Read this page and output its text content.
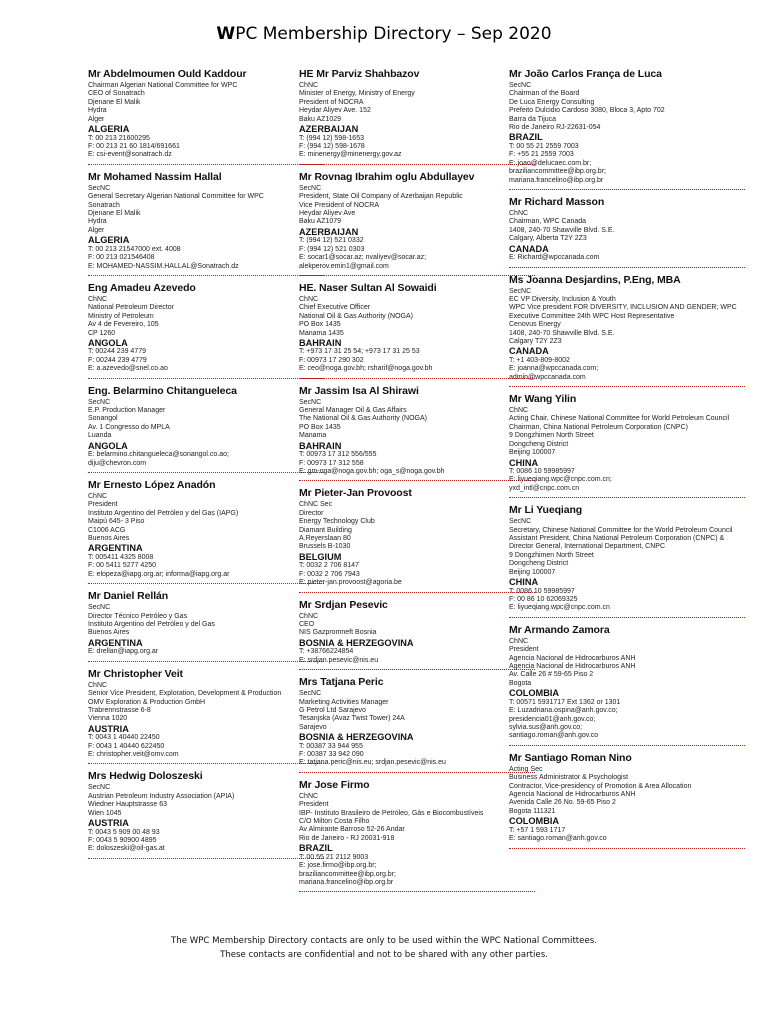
WPC Membership Directory – Sep 2020
Mr Abdelmoumen Ould Kaddour
Chairman Algerian National Committee for WPC
CEO of Sonatrach
Djenane El Malik
Hydra
Alger
ALGERIA
T: 00 213 21600295
F: 00 213 21 60 1814/691661
E: csi-event@sonatrach.dz
Mr Mohamed Nassim Hallal
SecNC
General Secretary Algerian National Committee for WPC
Sonatrach
Djenane El Malik
Hydra
Alger
ALGERIA
T: 00 213 21547000 ext. 4008
F: 00 213 021546408
E: MOHAMED-NASSIM.HALLAL@Sonatrach.dz
Eng Amadeu Azevedo
ChNC
National Petroleum Director
Ministry of Petroleum
Av 4 de Fevereiro, 105
CP 1260
ANGOLA
T: 00244 239 4779
F: 00244 239 4779
E: a.azevedo@snel.co.ao
Eng. Belarmino Chitangueleca
SecNC
E.P. Production Manager
Sonangol
Av. 1 Congresso do MPLA
Luanda
ANGOLA
E: belarmino.chitangueleca@sonangol.co.ao;
diju@chevron.com
Mr Ernesto López Anadón
ChNC
President
Instituto Argentino del Petróleo y del Gas (IAPG)
Maipú 645- 3 Piso
C1006 ACG
Buenos Aires
ARGENTINA
T: 005411 4325 8008
F: 00 5411 5277 4250
E: elopeza@iapg.org.ar; informa@iapg.org.ar
Mr Daniel Rellán
SecNC
Director Técnico Petróleo y Gas
Instituto Argentino del Petróleo y del Gas
Buenos Aires
ARGENTINA
E: drellan@iapg.org.ar
Mr Christopher Veit
ChNC
Senior Vice President, Exploration, Development & Production
OMV Exploration & Production GmbH
Trabrennstrasse 6-8
Vienna 1020
AUSTRIA
T: 0043 1 40440 22450
F: 0043 1 40440 622450
E: christopher.veit@omv.com
Mrs Hedwig Doloszeski
SecNC
Austrian Petroleum Industry Association (APIA)
Wiedner Hauptstrasse 63
Wien 1045
AUSTRIA
T: 0043 5 909 00 48 93
F: 0043 5 90900 4895
E: doloszeski@oil-gas.at
HE Mr Parviz Shahbazov
ChNC
Minister of Energy, Ministry of Energy
President of NOCRA
Heydar Aliyev Ave. 152
Baku AZ1029
AZERBAIJAN
T: (994 12) 598-1653
F: (994 12) 598-1678
E: minenergy@minenergy.gov.az
Mr Rovnag Ibrahim oglu Abdullayev
SecNC
President, State Oil Company of Azerbaijan Republic
Vice President of NOCRA
Heydar Aliyev Ave
Baku AZ1079
AZERBAIJAN
T: (994 12) 521 0332
F: (994 12) 521 0303
E: socar1@socar.az; nvaliyev@socar.az;
alekperov.emin1@gmail.com
HE. Naser Sultan Al Sowaidi
ChNC
Chief Executive Officer
National Oil & Gas Authority (NOGA)
PO Box 1435
Manama 1435
BAHRAIN
T: +973 17 31 25 54; +973 17 31 25 53
F: 00973 17 290 302
E: ceo@noga.gov.bh; rsharif@noga.gov.bh
Mr Jassim Isa Al Shirawi
SecNC
General Manager Oil & Gas Affairs
The National Oil & Gas Authority (NOGA)
PO Box 1435
Manama
BAHRAIN
T: 00973 17 312 556/555
F: 00973 17 312 558
E: gm-oga@noga.gov.bh; oga_s@noga.gov.bh
Mr Pieter-Jan Provoost
ChNC Sec
Director
Energy Technology Club
Diamant Building
A.Reyerslaan 80
Brussels B-1030
BELGIUM
T: 0032 2 706 8147
F: 0032 2 706 7943
E: pieter-jan.provoost@agoria.be
Mr Srdjan Pesevic
ChNC
CEO
NIS Gazpromneft Bosnia
BOSNIA & HERZEGOVINA
T: +38766224854
E: srdjan.pesevic@nis.eu
Mrs Tatjana Peric
SecNC
Marketing Activities Manager
G Petrol Ltd Sarajevo
Tesanjska (Avaz Twist Tower) 24A
Sarajevo
BOSNIA & HERZEGOVINA
T: 00387 33 944 955
F: 00387 33 942 090
E: tatjana.peric@nis.eu; srdjan.pesevic@nis.eu
Mr Jose Firmo
ChNC
President
IBP- Instituto Brasileiro de Petróleo, Gás e Biocombustíveis
C/O Milton Costa Filho
Av Almirante Barroso 52-26 Andar
Rio de Janeiro - RJ 20031-918
BRAZIL
T: 00 55 21 2112 9003
E: jose.firmo@ibp.org.br;
braziliancommittee@ibp.org.br;
mariana.francelino@ibp.org.br
Mr João Carlos França de Luca
SecNC
Chairman of the Board
De Luca Energy Consulting
Prefeito Dulcidio Cardoso 3080, Bloca 3, Apto 702
Barra da Tijuca
Rio de Janeiro RJ-22631-054
BRAZIL
T: 00 55 21 2559 7003
F: +55 21 2559 7003
E: joao@delucaec.com.br;
braziliancommittee@ibp.org.br;
mariana.francelino@ibp.org.br
Mr Richard Masson
ChNC
Chairman, WPC Canada
1408, 240-70 Shawville Blvd. S.E.
Calgary, Alberta T2Y 2Z3
CANADA
E: Richard@wpccanada.com
Ms Joanna Desjardins, P.Eng, MBA
SecNC
EC VP Diversity, Inclusion & Youth
WPC Vice president FOR DIVERSITY, INCLUSION AND GENDER; WPC Executive Committee 24th WPC Host Representative
Cenovus Energy
1408, 240-70 Shawville Blvd. S.E.
Calgary T2Y 2Z3
CANADA
T: +1 403-809-8002
E: joanna@wpccanada.com;
admin@wpccanada.com
Mr Wang Yilin
ChNC
Acting Chair, Chinese National Committee for World Petroleum Council
Chairman, China National Petroleum Corporation (CNPC)
9 Dongzhimen North Street
Dongcheng District
Beijing 100007
CHINA
T: 0086 10 59985997
E: liyueqiang.wpc@cnpc.com.cn;
yxd_intl@cnpc.com.cn
Mr Li Yueqiang
SecNC
Secretary, Chinese National Committee for the World Petroleum Council
Assistant President, China National Petroleum Corporation (CNPC) & Director General, International Department, CNPC
9 Dongzhimen North Street
Dongcheng District
Beijing 100007
CHINA
T: 0086 10 59985997
F: 00 86 10 62069325
E: liyueqiang.wpc@cnpc.com.cn
Mr Armando Zamora
ChNC
President
Agencia Nacional de Hidrocarburos ANH
Agencia Nacional de Hidrocarburos ANH
Av. Calle 26 # 59-65 Piso 2
Bogota
COLOMBIA
T: 00571 5931717 Ext 1362 or 1301
E: Luzadriana.ospina@anh.gov.co;
presidencia01@anh.gov.co;
sylvia.sus@anh.gov.co;
santiago.roman@anh.gov.co
Mr Santiago Roman Nino
Acting Sec
Business Administrator & Psychologist
Contractor, Vice-presidency of Promotion & Area Allocation
Agencia Nacional de Hidrocarburos ANH
Avenida Calle 26 No. 59-65 Piso 2
Bogota 111321
COLOMBIA
T: +57 1 593 1717
E: santiago.roman@anh.gov.co
The WPC Membership Directory contacts are only to be used within the WPC National Committees.
These contacts are confidential and not to be shared with any other parties.
